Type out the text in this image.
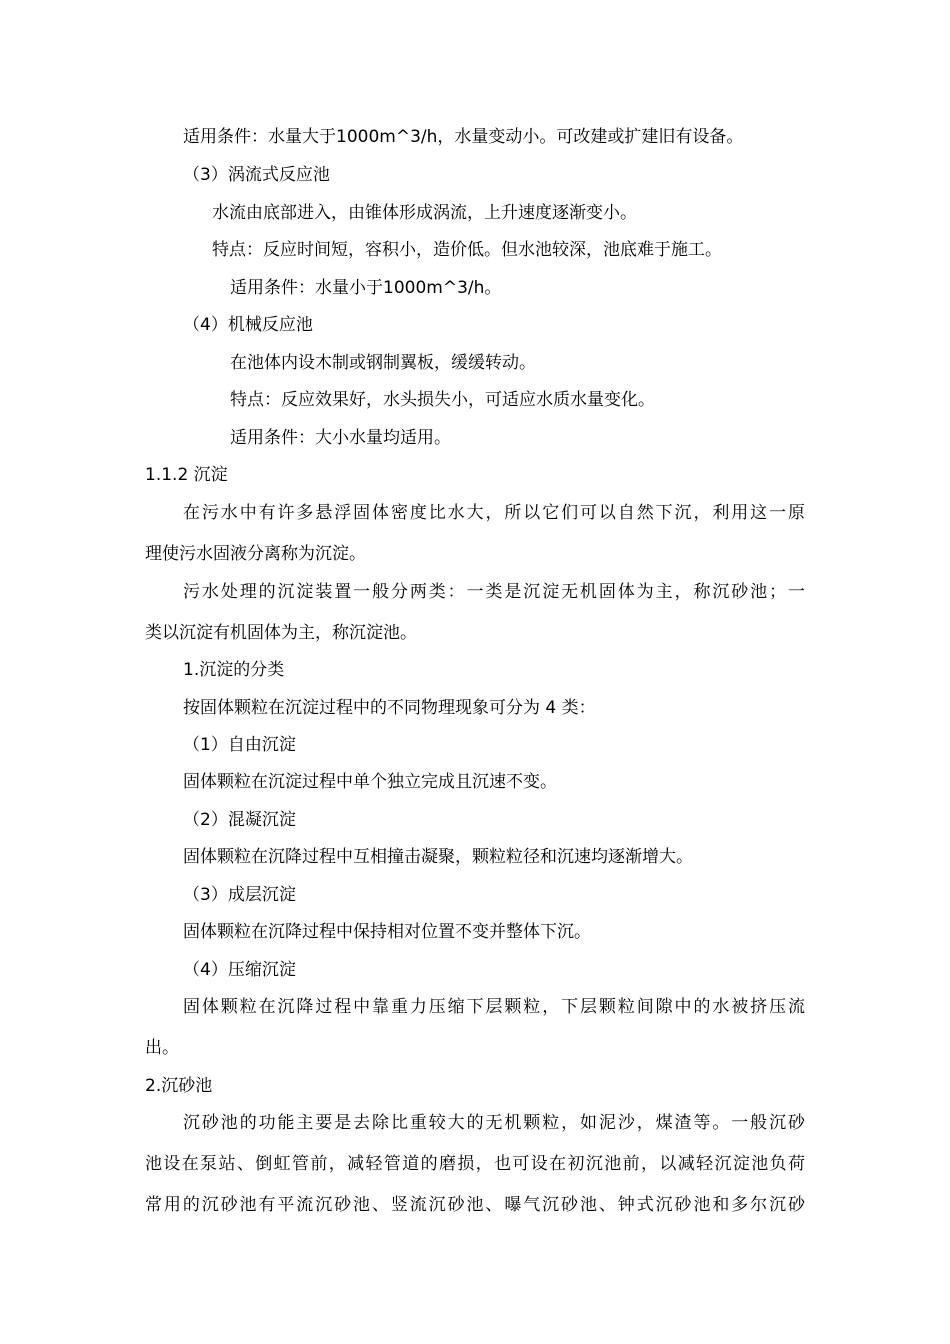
适用条件：水量大于1000m^3/h，水量变动小。可改建或扩建旧有设备。
（3）涡流式反应池
水流由底部进入，由锥体形成涡流，上升速度逐渐变小。
特点：反应时间短，容积小，造价低。但水池较深，池底难于施工。
适用条件：水量小于1000m^3/h。
（4）机械反应池
在池体内设木制或钢制翼板，缓缓转动。
特点：反应效果好，水头损失小，可适应水质水量变化。
适用条件：大小水量均适用。
1.1.2 沉淀
在污水中有许多悬浮固体密度比水大，所以它们可以自然下沉，利用这一原
理使污水固液分离称为沉淀。
污水处理的沉淀装置一般分两类：一类是沉淀无机固体为主，称沉砂池；一
类以沉淀有机固体为主，称沉淀池。
1.沉淀的分类
按固体颗粒在沉淀过程中的不同物理现象可分为 4 类：
（1）自由沉淀
固体颗粒在沉淀过程中单个独立完成且沉速不变。
（2）混凝沉淀
固体颗粒在沉降过程中互相撞击凝聚，颗粒粒径和沉速均逐渐增大。
（3）成层沉淀
固体颗粒在沉降过程中保持相对位置不变并整体下沉。
（4）压缩沉淀
固体颗粒在沉降过程中靠重力压缩下层颗粒，下层颗粒间隙中的水被挤压流
出。
2.沉砂池
沉砂池的功能主要是去除比重较大的无机颗粒，如泥沙，煤渣等。一般沉砂
池设在泵站、倒虹管前，减轻管道的磨损，也可设在初沉池前，以减轻沉淀池负荷
常用的沉砂池有平流沉砂池、竖流沉砂池、曝气沉砂池、钟式沉砂池和多尔沉砂
